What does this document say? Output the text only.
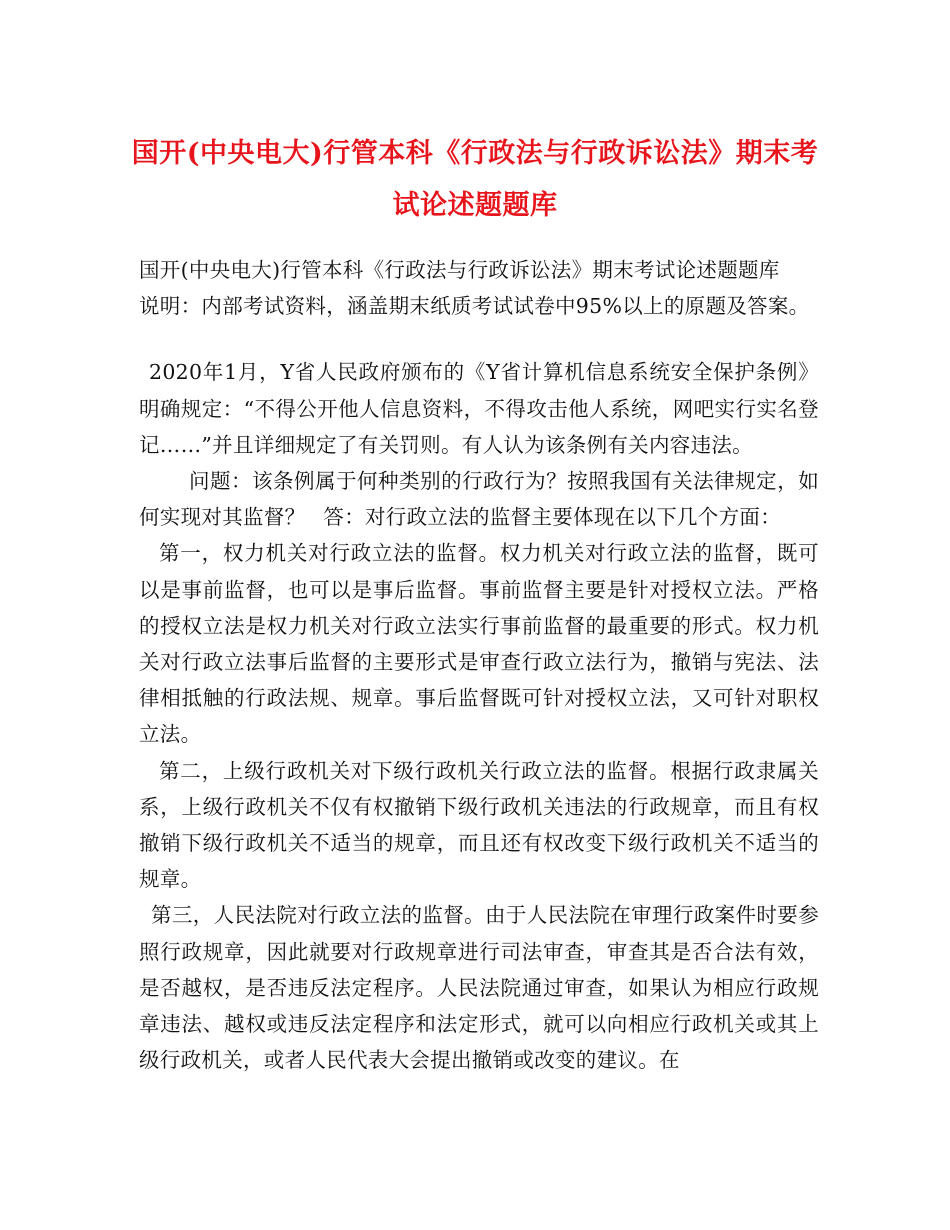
国开(中央电大)行管本科《行政法与行政诉讼法》期末考试论述题题库

国开(中央电大)行管本科《行政法与行政诉讼法》期末考试论述题题库

说明：内部考试资料，涵盖期末纸质考试试卷中95%以上的原题及答案。

2020年1月，Y省人民政府颁布的《Y省计算机信息系统安全保护条例》明确规定：“不得公开他人信息资料，不得攻击他人系统，网吧实行实名登记……”并且详细规定了有关罚则。有人认为该条例有关内容违法。

问题：该条例属于何种类别的行政行为？按照我国有关法律规定，如何实现对其监督？ 答：对行政立法的监督主要体现在以下几个方面：

第一，权力机关对行政立法的监督。权力机关对行政立法的监督，既可以是事前监督，也可以是事后监督。事前监督主要是针对授权立法。严格的授权立法是权力机关对行政立法实行事前监督的最重要的形式。权力机关对行政立法事后监督的主要形式是审查行政立法行为，撤销与宪法、法律相抵触的行政法规、规章。事后监督既可针对授权立法，又可针对职权立法。

第二，上级行政机关对下级行政机关行政立法的监督。根据行政隶属关系，上级行政机关不仅有权撤销下级行政机关违法的行政规章，而且有权撤销下级行政机关不适当的规章，而且还有权改变下级行政机关不适当的规章。

第三，人民法院对行政立法的监督。由于人民法院在审理行政案件时要参照行政规章，因此就要对行政规章进行司法审查，审查其是否合法有效，是否越权，是否违反法定程序。人民法院通过审查，如果认为相应行政规章违法、越权或违反法定程序和法定形式，就可以向相应行政机关或其上级行政机关，或者人民代表大会提出撤销或改变的建议。在
